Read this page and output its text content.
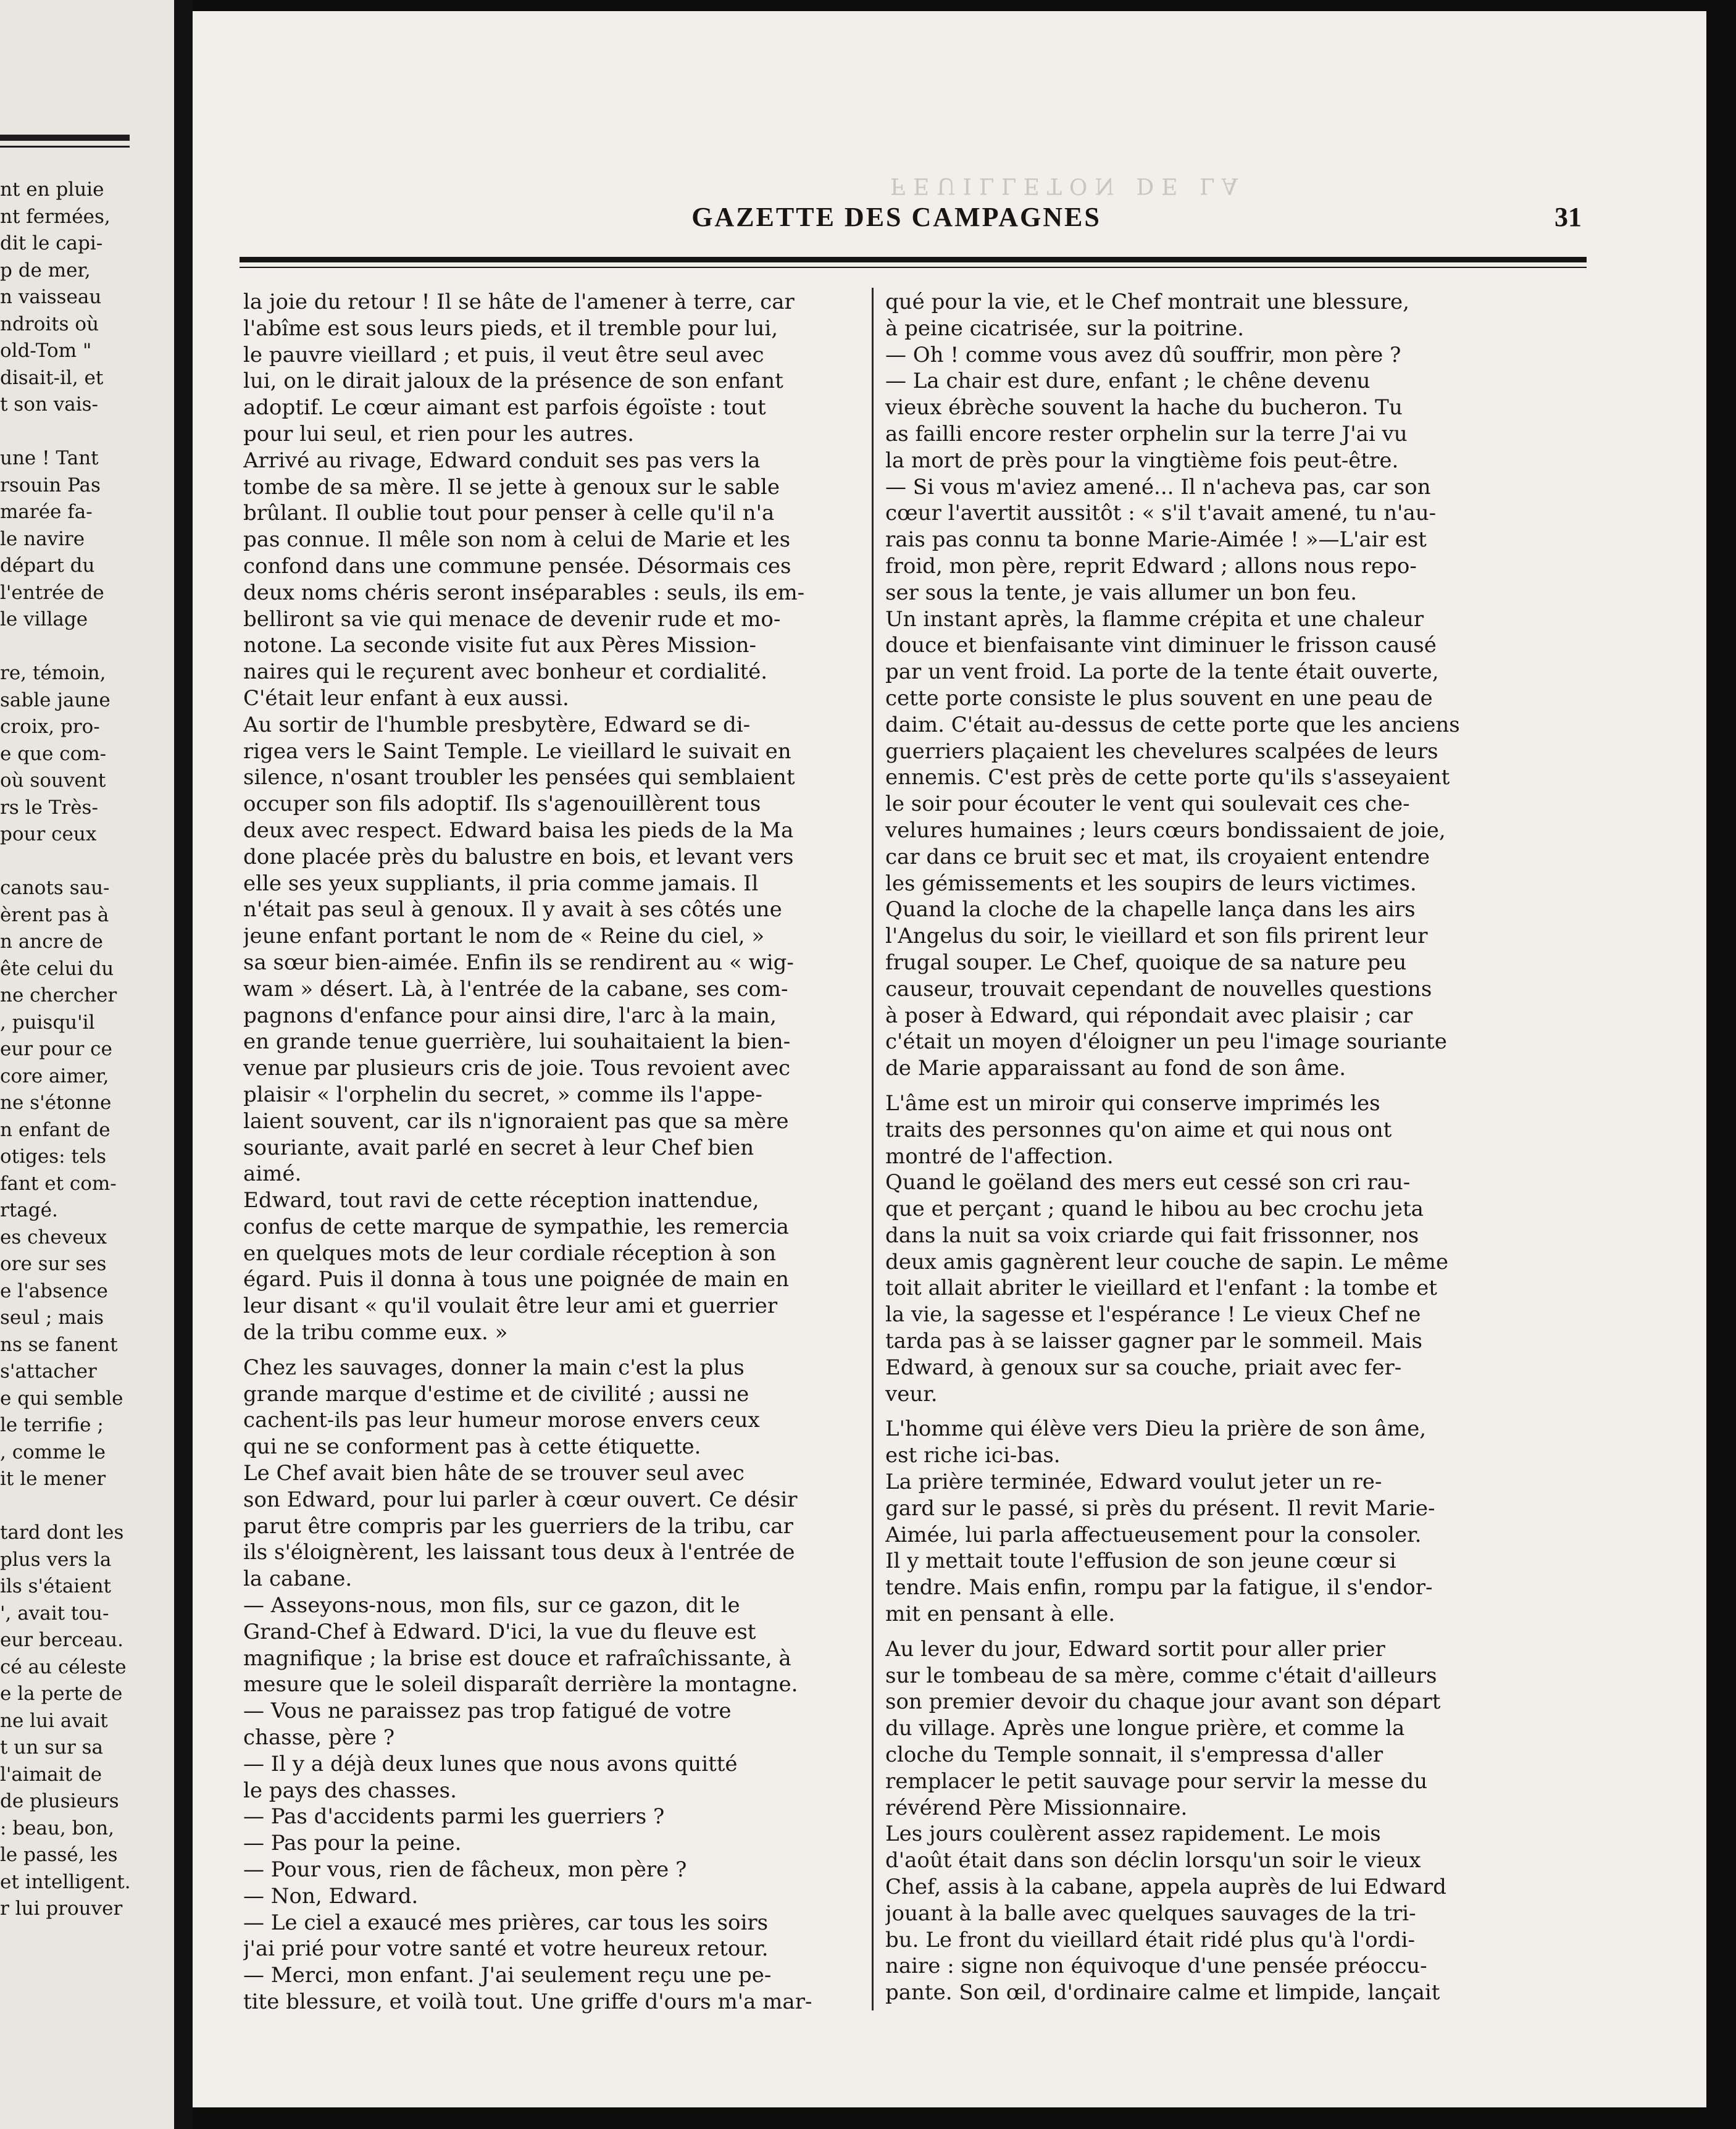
nt en pluie
nt fermées,
dit le capi-
p de mer,
n vaisseau
ndroits où
old-Tom "
disait-il, et
t son vais-
une ! Tant
rsouin Pas
marée fa-
le navire
départ du
l'entrée de
le village
re, témoin,
sable jaune
croix, pro-
e que com-
où souvent
rs le Très-
pour ceux
canots sau-
èrent pas à
n ancre de
ête celui du
ne chercher
, puisqu'il
eur pour ce
core aimer,
ne s'étonne
n enfant de
otiges: tels
fant et com-
rtagé.
es cheveux
ore sur ses
e l'absence
seul ; mais
ns se fanent
s'attacher
e qui semble
le terrifie ;
, comme le
it le mener
tard dont les
plus vers la
ils s'étaient
', avait tou-
eur berceau.
cé au céleste
e la perte de
ne lui avait
t un sur sa
l'aimait de
de plusieurs
: beau, bon,
le passé, les
et intelligent.
r lui prouver
FEUILLETON DE LA
GAZETTE DES CAMPAGNES	31
la joie du retour ! Il se hâte de l'amener à terre, car
l'abîme est sous leurs pieds, et il tremble pour lui,
le pauvre vieillard ; et puis, il veut être seul avec
lui, on le dirait jaloux de la présence de son enfant
adoptif. Le cœur aimant est parfois égoïste : tout
pour lui seul, et rien pour les autres.
Arrivé au rivage, Edward conduit ses pas vers la
tombe de sa mère. Il se jette à genoux sur le sable
brûlant. Il oublie tout pour penser à celle qu'il n'a
pas connue. Il mêle son nom à celui de Marie et les
confond dans une commune pensée. Désormais ces
deux noms chéris seront inséparables : seuls, ils em-
belliront sa vie qui menace de devenir rude et mo-
notone. La seconde visite fut aux Pères Mission-
naires qui le reçurent avec bonheur et cordialité.
C'était leur enfant à eux aussi.
Au sortir de l'humble presbytère, Edward se di-
rigea vers le Saint Temple. Le vieillard le suivait en
silence, n'osant troubler les pensées qui semblaient
occuper son fils adoptif. Ils s'agenouillèrent tous
deux avec respect. Edward baisa les pieds de la Ma
done placée près du balustre en bois, et levant vers
elle ses yeux suppliants, il pria comme jamais. Il
n'était pas seul à genoux. Il y avait à ses côtés une
jeune enfant portant le nom de « Reine du ciel, »
sa sœur bien-aimée. Enfin ils se rendirent au « wig-
wam » désert. Là, à l'entrée de la cabane, ses com-
pagnons d'enfance pour ainsi dire, l'arc à la main,
en grande tenue guerrière, lui souhaitaient la bien-
venue par plusieurs cris de joie. Tous revoient avec
plaisir « l'orphelin du secret, » comme ils l'appe-
laient souvent, car ils n'ignoraient pas que sa mère
souriante, avait parlé en secret à leur Chef bien
aimé.
Edward, tout ravi de cette réception inattendue,
confus de cette marque de sympathie, les remercia
en quelques mots de leur cordiale réception à son
égard. Puis il donna à tous une poignée de main en
leur disant « qu'il voulait être leur ami et guerrier
de la tribu comme eux. »
Chez les sauvages, donner la main c'est la plus
grande marque d'estime et de civilité ; aussi ne
cachent-ils pas leur humeur morose envers ceux
qui ne se conforment pas à cette étiquette.
Le Chef avait bien hâte de se trouver seul avec
son Edward, pour lui parler à cœur ouvert. Ce désir
parut être compris par les guerriers de la tribu, car
ils s'éloignèrent, les laissant tous deux à l'entrée de
la cabane.
— Asseyons-nous, mon fils, sur ce gazon, dit le
Grand-Chef à Edward. D'ici, la vue du fleuve est
magnifique ; la brise est douce et rafraîchissante, à
mesure que le soleil disparaît derrière la montagne.
— Vous ne paraissez pas trop fatigué de votre
chasse, père ?
— Il y a déjà deux lunes que nous avons quitté
le pays des chasses.
— Pas d'accidents parmi les guerriers ?
— Pas pour la peine.
— Pour vous, rien de fâcheux, mon père ?
— Non, Edward.
— Le ciel a exaucé mes prières, car tous les soirs
j'ai prié pour votre santé et votre heureux retour.
— Merci, mon enfant. J'ai seulement reçu une pe-
tite blessure, et voilà tout. Une griffe d'ours m'a mar-
qué pour la vie, et le Chef montrait une blessure,
à peine cicatrisée, sur la poitrine.
— Oh ! comme vous avez dû souffrir, mon père ?
— La chair est dure, enfant ; le chêne devenu
vieux ébrèche souvent la hache du bucheron. Tu
as failli encore rester orphelin sur la terre J'ai vu
la mort de près pour la vingtième fois peut-être.
— Si vous m'aviez amené... Il n'acheva pas, car son
cœur l'avertit aussitôt : « s'il t'avait amené, tu n'au-
rais pas connu ta bonne Marie-Aimée ! »—L'air est
froid, mon père, reprit Edward ; allons nous repo-
ser sous la tente, je vais allumer un bon feu.
Un instant après, la flamme crépita et une chaleur
douce et bienfaisante vint diminuer le frisson causé
par un vent froid. La porte de la tente était ouverte,
cette porte consiste le plus souvent en une peau de
daim. C'était au-dessus de cette porte que les anciens
guerriers plaçaient les chevelures scalpées de leurs
ennemis. C'est près de cette porte qu'ils s'asseyaient
le soir pour écouter le vent qui soulevait ces che-
velures humaines ; leurs cœurs bondissaient de joie,
car dans ce bruit sec et mat, ils croyaient entendre
les gémissements et les soupirs de leurs victimes.
Quand la cloche de la chapelle lança dans les airs
l'Angelus du soir, le vieillard et son fils prirent leur
frugal souper. Le Chef, quoique de sa nature peu
causeur, trouvait cependant de nouvelles questions
à poser à Edward, qui répondait avec plaisir ; car
c'était un moyen d'éloigner un peu l'image souriante
de Marie apparaissant au fond de son âme.
L'âme est un miroir qui conserve imprimés les
traits des personnes qu'on aime et qui nous ont
montré de l'affection.
Quand le goëland des mers eut cessé son cri rau-
que et perçant ; quand le hibou au bec crochu jeta
dans la nuit sa voix criarde qui fait frissonner, nos
deux amis gagnèrent leur couche de sapin. Le même
toit allait abriter le vieillard et l'enfant : la tombe et
la vie, la sagesse et l'espérance ! Le vieux Chef ne
tarda pas à se laisser gagner par le sommeil. Mais
Edward, à genoux sur sa couche, priait avec fer-
veur.
L'homme qui élève vers Dieu la prière de son âme,
est riche ici-bas.
La prière terminée, Edward voulut jeter un re-
gard sur le passé, si près du présent. Il revit Marie-
Aimée, lui parla affectueusement pour la consoler.
Il y mettait toute l'effusion de son jeune cœur si
tendre. Mais enfin, rompu par la fatigue, il s'endor-
mit en pensant à elle.
Au lever du jour, Edward sortit pour aller prier
sur le tombeau de sa mère, comme c'était d'ailleurs
son premier devoir du chaque jour avant son départ
du village. Après une longue prière, et comme la
cloche du Temple sonnait, il s'empressa d'aller
remplacer le petit sauvage pour servir la messe du
révérend Père Missionnaire.
Les jours coulèrent assez rapidement. Le mois
d'août était dans son déclin lorsqu'un soir le vieux
Chef, assis à la cabane, appela auprès de lui Edward
jouant à la balle avec quelques sauvages de la tri-
bu. Le front du vieillard était ridé plus qu'à l'ordi-
naire : signe non équivoque d'une pensée préoccu-
pante. Son œil, d'ordinaire calme et limpide, lançait
